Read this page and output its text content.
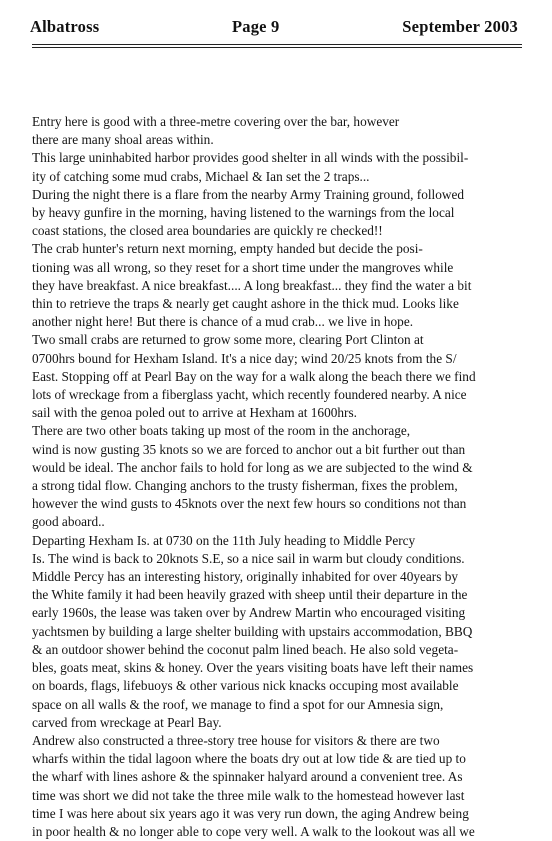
Albatross	Page 9	September 2003

Entry here is good with a three-metre covering over the bar, however
there are many shoal areas within.

This large uninhabited harbor provides good shelter in all winds with the possibil-
ity of catching some mud crabs, Michael & Ian set the 2 traps...

During the night there is a flare from the nearby Army Training ground, followed
by heavy gunfire in the morning, having listened to the warnings from the local
coast stations, the closed area boundaries are quickly re checked!!

The crab hunter's return next morning, empty handed but decide the posi-
tioning was all wrong, so they reset for a short time under the mangroves while
they have breakfast. A nice breakfast.... A long breakfast... they find the water a bit
thin to retrieve the traps & nearly get caught ashore in the thick mud. Looks like
another night here! But there is chance of a mud crab... we live in hope.

Two small crabs are returned to grow some more, clearing Port Clinton at
0700hrs bound for Hexham Island. It's a nice day; wind 20/25 knots from the S/
East. Stopping off at Pearl Bay on the way for a walk along the beach there we find
lots of wreckage from a fiberglass yacht, which recently foundered nearby. A nice
sail with the genoa poled out to arrive at Hexham at 1600hrs.

There are two other boats taking up most of the room in the anchorage,
wind is now gusting 35 knots so we are forced to anchor out a bit further out than
would be ideal. The anchor fails to hold for long as we are subjected to the wind &
a strong tidal flow. Changing anchors to the trusty fisherman, fixes the problem,
however the wind gusts to 45knots over the next few hours so conditions not than
good aboard..

Departing Hexham Is. at 0730 on the 11th July heading to Middle Percy
Is. The wind is back to 20knots S.E, so a nice sail in warm but cloudy conditions.
Middle Percy has an interesting history, originally inhabited for over 40years by
the White family it had been heavily grazed with sheep until their departure in the
early 1960s, the lease was taken over by Andrew Martin who encouraged visiting
yachtsmen by building a large shelter building with upstairs accommodation, BBQ
& an outdoor shower behind the coconut palm lined beach. He also sold vegeta-
bles, goats meat, skins & honey. Over the years visiting boats have left their names
on boards, flags, lifebuoys & other various nick knacks occuping most available
space on all walls & the roof, we manage to find a spot for our Amnesia sign,
carved from wreckage at Pearl Bay.

Andrew also constructed a three-story tree house for visitors & there are two
wharfs within the tidal lagoon where the boats dry out at low tide & are tied up to
the wharf with lines ashore & the spinnaker halyard around a convenient tree. As
time was short we did not take the three mile walk to the homestead however last
time I was here about six years ago it was very run down, the aging Andrew being
in poor health & no longer able to cope very well. A walk to the lookout was all we
